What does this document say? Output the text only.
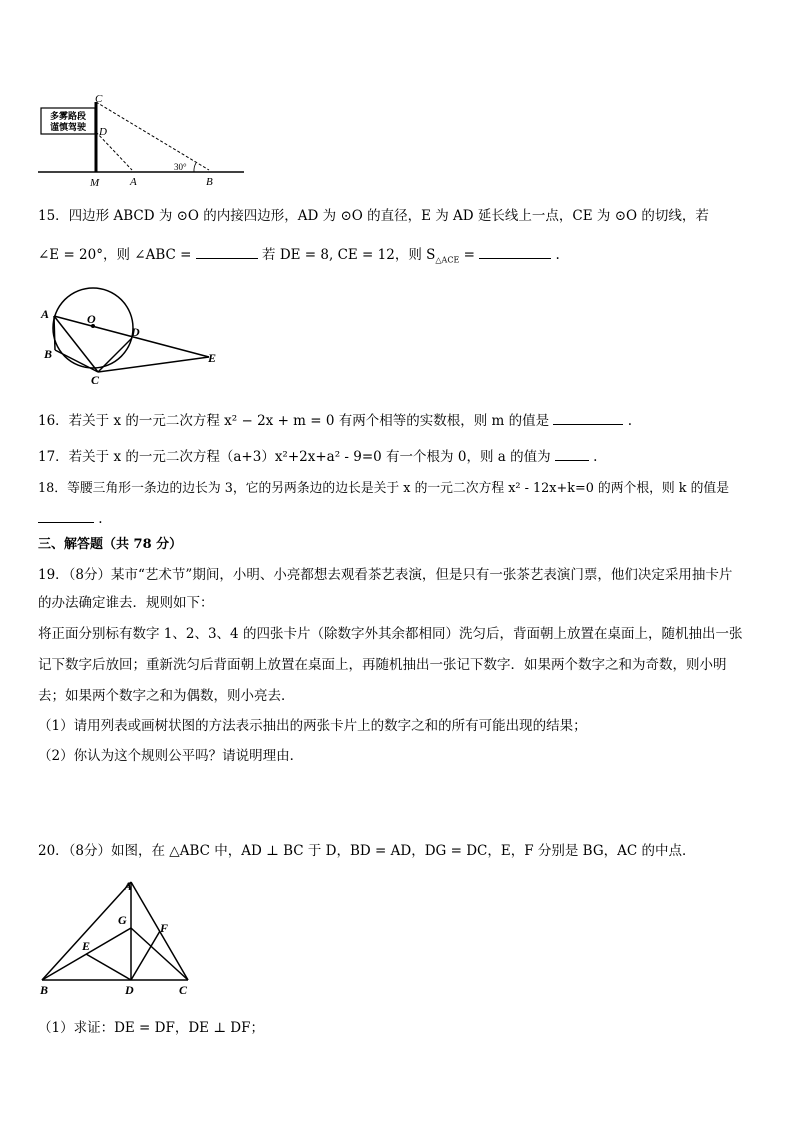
多雾路段
谨慎驾驶
C
D
M	A	B
30°
15．四边形 ABCD 为 ⊙O 的内接四边形，AD 为 ⊙O 的直径，E 为 AD 延长线上一点，CE 为 ⊙O 的切线，若
∠E = 20°，则 ∠ABC =	若 DE = 8, CE = 12，则 $S_{\triangle ACE}$ =	.
A	O
D
B
C
E
16．若关于 x 的一元二次方程 x² − 2x + m = 0 有两个相等的实数根，则 m 的值是	.
17．若关于 x 的一元二次方程（a+3）x²+2x+a² - 9=0 有一个根为 0，则 a 的值为	.
18．等腰三角形一条边的边长为 3，它的另两条边的边长是关于 x 的一元二次方程 x² - 12x+k=0 的两个根，则 k 的值是
.
三、解答题（共 78 分）
19．（8分）某市“艺术节”期间，小明、小亮都想去观看茶艺表演，但是只有一张茶艺表演门票，他们决定采用抽卡片
的办法确定谁去．规则如下：
将正面分别标有数字 1、2、3、4 的四张卡片（除数字外其余都相同）洗匀后，背面朝上放置在桌面上，随机抽出一张
记下数字后放回；重新洗匀后背面朝上放置在桌面上，再随机抽出一张记下数字．如果两个数字之和为奇数，则小明
去；如果两个数字之和为偶数，则小亮去．
（1）请用列表或画树状图的方法表示抽出的两张卡片上的数字之和的所有可能出现的结果；
（2）你认为这个规则公平吗？请说明理由．
20．（8分）如图，在 △ABC 中，AD ⊥ BC 于 D，BD = AD，DG = DC，E，F 分别是 BG，AC 的中点．
A
G
F
E
B	D	C
（1）求证：DE = DF，DE ⊥ DF；
